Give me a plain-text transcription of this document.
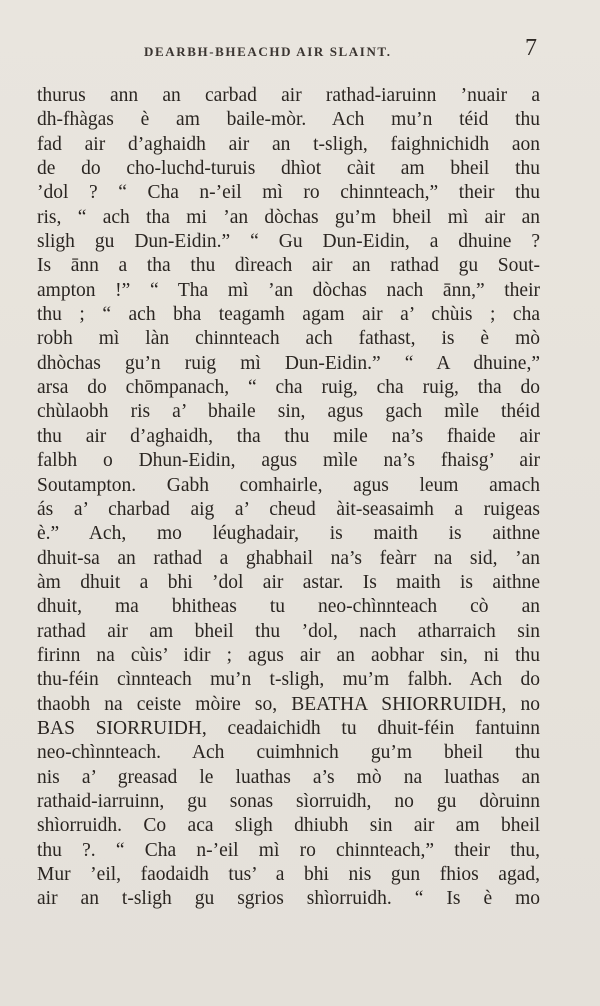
DEARBH-BHEACHD AIR SLAINT.	7
thurus ann an carbad air rathad-iaruinn ’nuair a
dh-fhàgas è am baile-mòr. Ach mu’n téid thu
fad air d’aghaidh air an t-sligh, faighnichidh aon
de do cho-luchd-turuis dhìot càit am bheil thu
’dol ? “ Cha n-’eil mì ro chinnteach,” their thu
ris, “ ach tha mi ’an dòchas gu’m bheil mì air an
sligh gu Dun-Eidin.” “ Gu Dun-Eidin, a dhuine ?
Is ānn a tha thu dìreach air an rathad gu Sout-
ampton !” “ Tha mì ’an dòchas nach ānn,” their
thu ; “ ach bha teagamh agam air a’ chùis ; cha
robh mì làn chinnteach ach fathast, is è mò
dhòchas gu’n ruig mì Dun-Eidin.” “ A dhuine,”
arsa do chōmpanach, “ cha ruig, cha ruig, tha do
chùlaobh ris a’ bhaile sin, agus gach mìle théid
thu air d’aghaidh, tha thu mile na’s fhaide air
falbh o Dhun-Eidin, agus mìle na’s fhaisg’ air
Soutampton. Gabh comhairle, agus leum amach
ás a’ charbad aig a’ cheud àit-seasaimh a ruigeas
è.” Ach, mo léughadair, is maith is aithne
dhuit-sa an rathad a ghabhail na’s feàrr na sid, ’an
àm dhuit a bhi ’dol air astar. Is maith is aithne
dhuit, ma bhitheas tu neo-chìnnteach cò an
rathad air am bheil thu ’dol, nach atharraich sin
firinn na cùis’ idir ; agus air an aobhar sin, ni thu
thu-féin cìnnteach mu’n t-sligh, mu’m falbh. Ach do
thaobh na ceiste mòire so, BEATHA SHIORRUIDH, no
BAS SIORRUIDH, ceadaichidh tu dhuit-féin fantuinn
neo-chìnnteach. Ach cuimhnich gu’m bheil thu
nis a’ greasad le luathas a’s mò na luathas an
rathaid-iarruinn, gu sonas sìorruidh, no gu dòruinn
shìorruidh. Co aca sligh dhiubh sin air am bheil
thu ?. “ Cha n-’eil mì ro chinnteach,” their thu,
Mur ’eil, faodaidh tus’ a bhi nis gun fhios agad,
air an t-sligh gu sgrios shìorruidh. “ Is è mo
